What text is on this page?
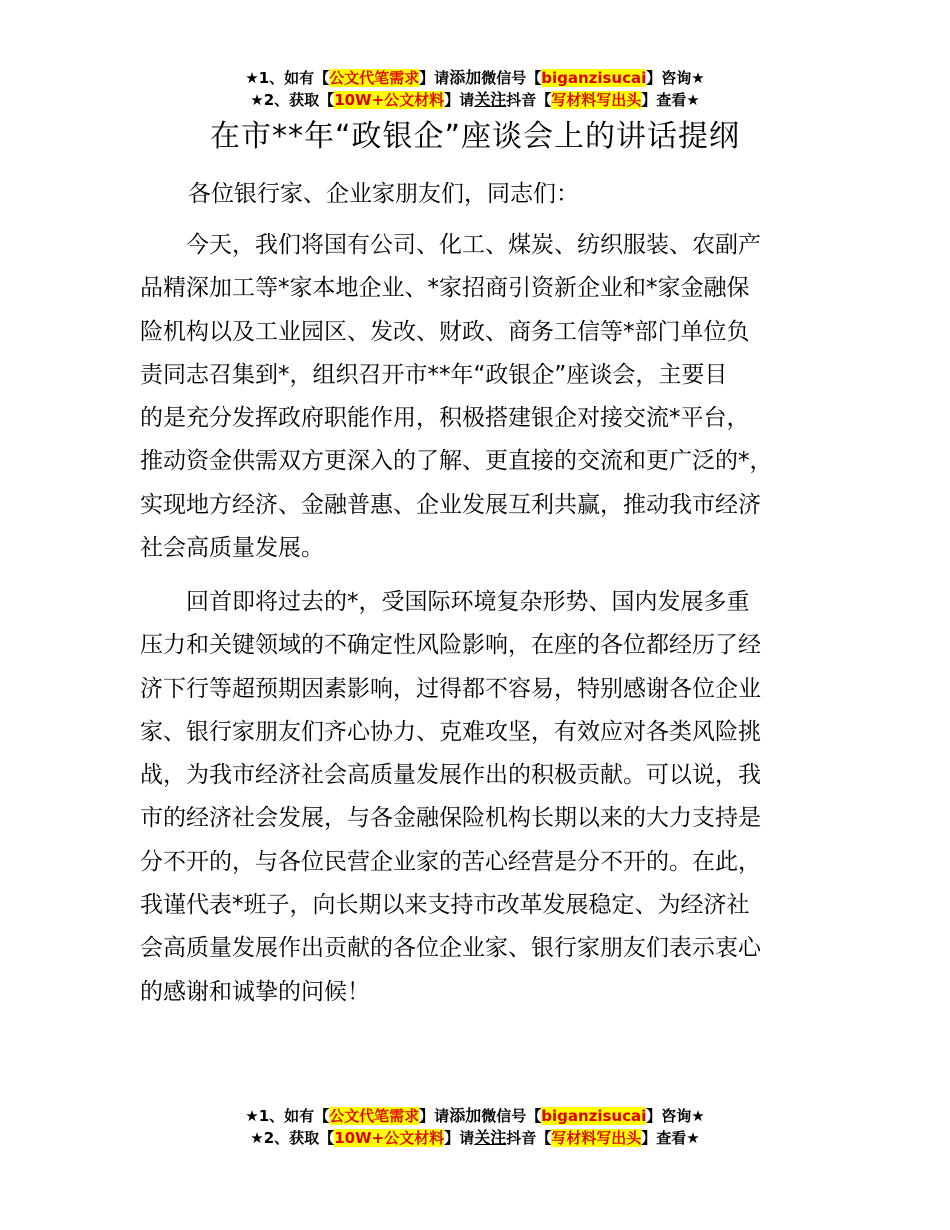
★1、如有【公文代笔需求】请添加微信号【biganzisucai】咨询★
★2、获取【10W+公文材料】请关注抖音【写材料写出头】查看★
在市**年“政银企”座谈会上的讲话提纲
各位银行家、企业家朋友们，同志们：
　　今天，我们将国有公司、化工、煤炭、纺织服装、农副产
品精深加工等*家本地企业、*家招商引资新企业和*家金融保
险机构以及工业园区、发改、财政、商务工信等*部门单位负
责同志召集到*，组织召开市**年“政银企”座谈会，主要目
的是充分发挥政府职能作用，积极搭建银企对接交流*平台，
推动资金供需双方更深入的了解、更直接的交流和更广泛的*，
实现地方经济、金融普惠、企业发展互利共赢，推动我市经济
社会高质量发展。
　　回首即将过去的*，受国际环境复杂形势、国内发展多重
压力和关键领域的不确定性风险影响，在座的各位都经历了经
济下行等超预期因素影响，过得都不容易，特别感谢各位企业
家、银行家朋友们齐心协力、克难攻坚，有效应对各类风险挑
战，为我市经济社会高质量发展作出的积极贡献。可以说，我
市的经济社会发展，与各金融保险机构长期以来的大力支持是
分不开的，与各位民营企业家的苦心经营是分不开的。在此，
我谨代表*班子，向长期以来支持市改革发展稳定、为经济社
会高质量发展作出贡献的各位企业家、银行家朋友们表示衷心
的感谢和诚挚的问候！
★1、如有【公文代笔需求】请添加微信号【biganzisucai】咨询★
★2、获取【10W+公文材料】请关注抖音【写材料写出头】查看★
